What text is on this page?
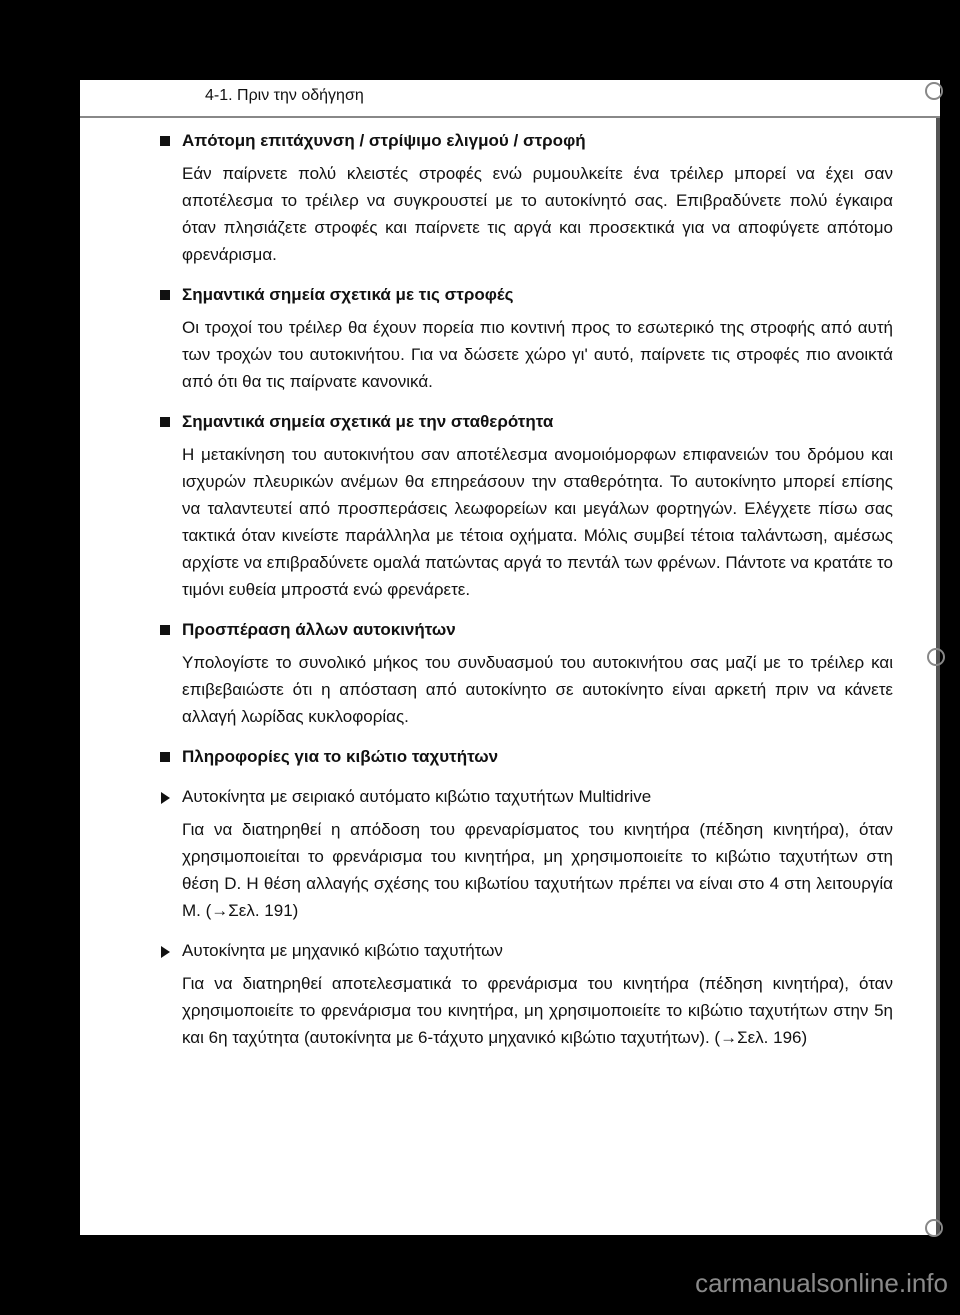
4-1. Πριν την οδήγηση
Απότομη επιτάχυνση / στρίψιμο ελιγμού / στροφή
Εάν παίρνετε πολύ κλειστές στροφές ενώ ρυμουλκείτε ένα τρέιλερ μπορεί να έχει σαν αποτέλεσμα το τρέιλερ να συγκρουστεί με το αυτοκίνητό σας. Επιβραδύνετε πολύ έγκαιρα όταν πλησιάζετε στροφές και παίρνετε τις αργά και προσεκτικά για να αποφύγετε απότομο φρενάρισμα.
Σημαντικά σημεία σχετικά με τις στροφές
Οι τροχοί του τρέιλερ θα έχουν πορεία πιο κοντινή προς το εσωτερικό της στροφής από αυτή των τροχών του αυτοκινήτου. Για να δώσετε χώρο γι' αυτό, παίρνετε τις στροφές πιο ανοικτά από ότι θα τις παίρνατε κανονικά.
Σημαντικά σημεία σχετικά με την σταθερότητα
Η μετακίνηση του αυτοκινήτου σαν αποτέλεσμα ανομοιόμορφων επιφανειών του δρόμου και ισχυρών πλευρικών ανέμων θα επηρεάσουν την σταθερότητα. Το αυτοκίνητο μπορεί επίσης να ταλαντευτεί από προσπεράσεις λεωφορείων και μεγάλων φορτηγών. Ελέγχετε πίσω σας τακτικά όταν κινείστε παράλληλα με τέτοια οχήματα. Μόλις συμβεί τέτοια ταλάντωση, αμέσως αρχίστε να επιβραδύνετε ομαλά πατώντας αργά το πεντάλ των φρένων. Πάντοτε να κρατάτε το τιμόνι ευθεία μπροστά ενώ φρενάρετε.
Προσπέραση άλλων αυτοκινήτων
Υπολογίστε το συνολικό μήκος του συνδυασμού του αυτοκινήτου σας μαζί με το τρέιλερ και επιβεβαιώστε ότι η απόσταση από αυτοκίνητο σε αυτοκίνητο είναι αρκετή πριν να κάνετε αλλαγή λωρίδας κυκλοφορίας.
Πληροφορίες για το κιβώτιο ταχυτήτων
Αυτοκίνητα με σειριακό αυτόματο κιβώτιο ταχυτήτων Multidrive
Για να διατηρηθεί η απόδοση του φρεναρίσματος του κινητήρα (πέδηση κινητήρα), όταν χρησιμοποιείται το φρενάρισμα του κινητήρα, μη χρησιμοποιείτε το κιβώτιο ταχυτήτων στη θέση D. Η θέση αλλαγής σχέσης του κιβωτίου ταχυτήτων πρέπει να είναι στο 4 στη λειτουργία M. (→Σελ. 191)
Αυτοκίνητα με μηχανικό κιβώτιο ταχυτήτων
Για να διατηρηθεί αποτελεσματικά το φρενάρισμα του κινητήρα (πέδηση κινητήρα), όταν χρησιμοποιείτε το φρενάρισμα του κινητήρα, μη χρησιμοποιείτε το κιβώτιο ταχυτήτων στην 5η και 6η ταχύτητα (αυτοκίνητα με 6-τάχυτο μηχανικό κιβώτιο ταχυτήτων). (→Σελ. 196)
carmanualsonline.info
